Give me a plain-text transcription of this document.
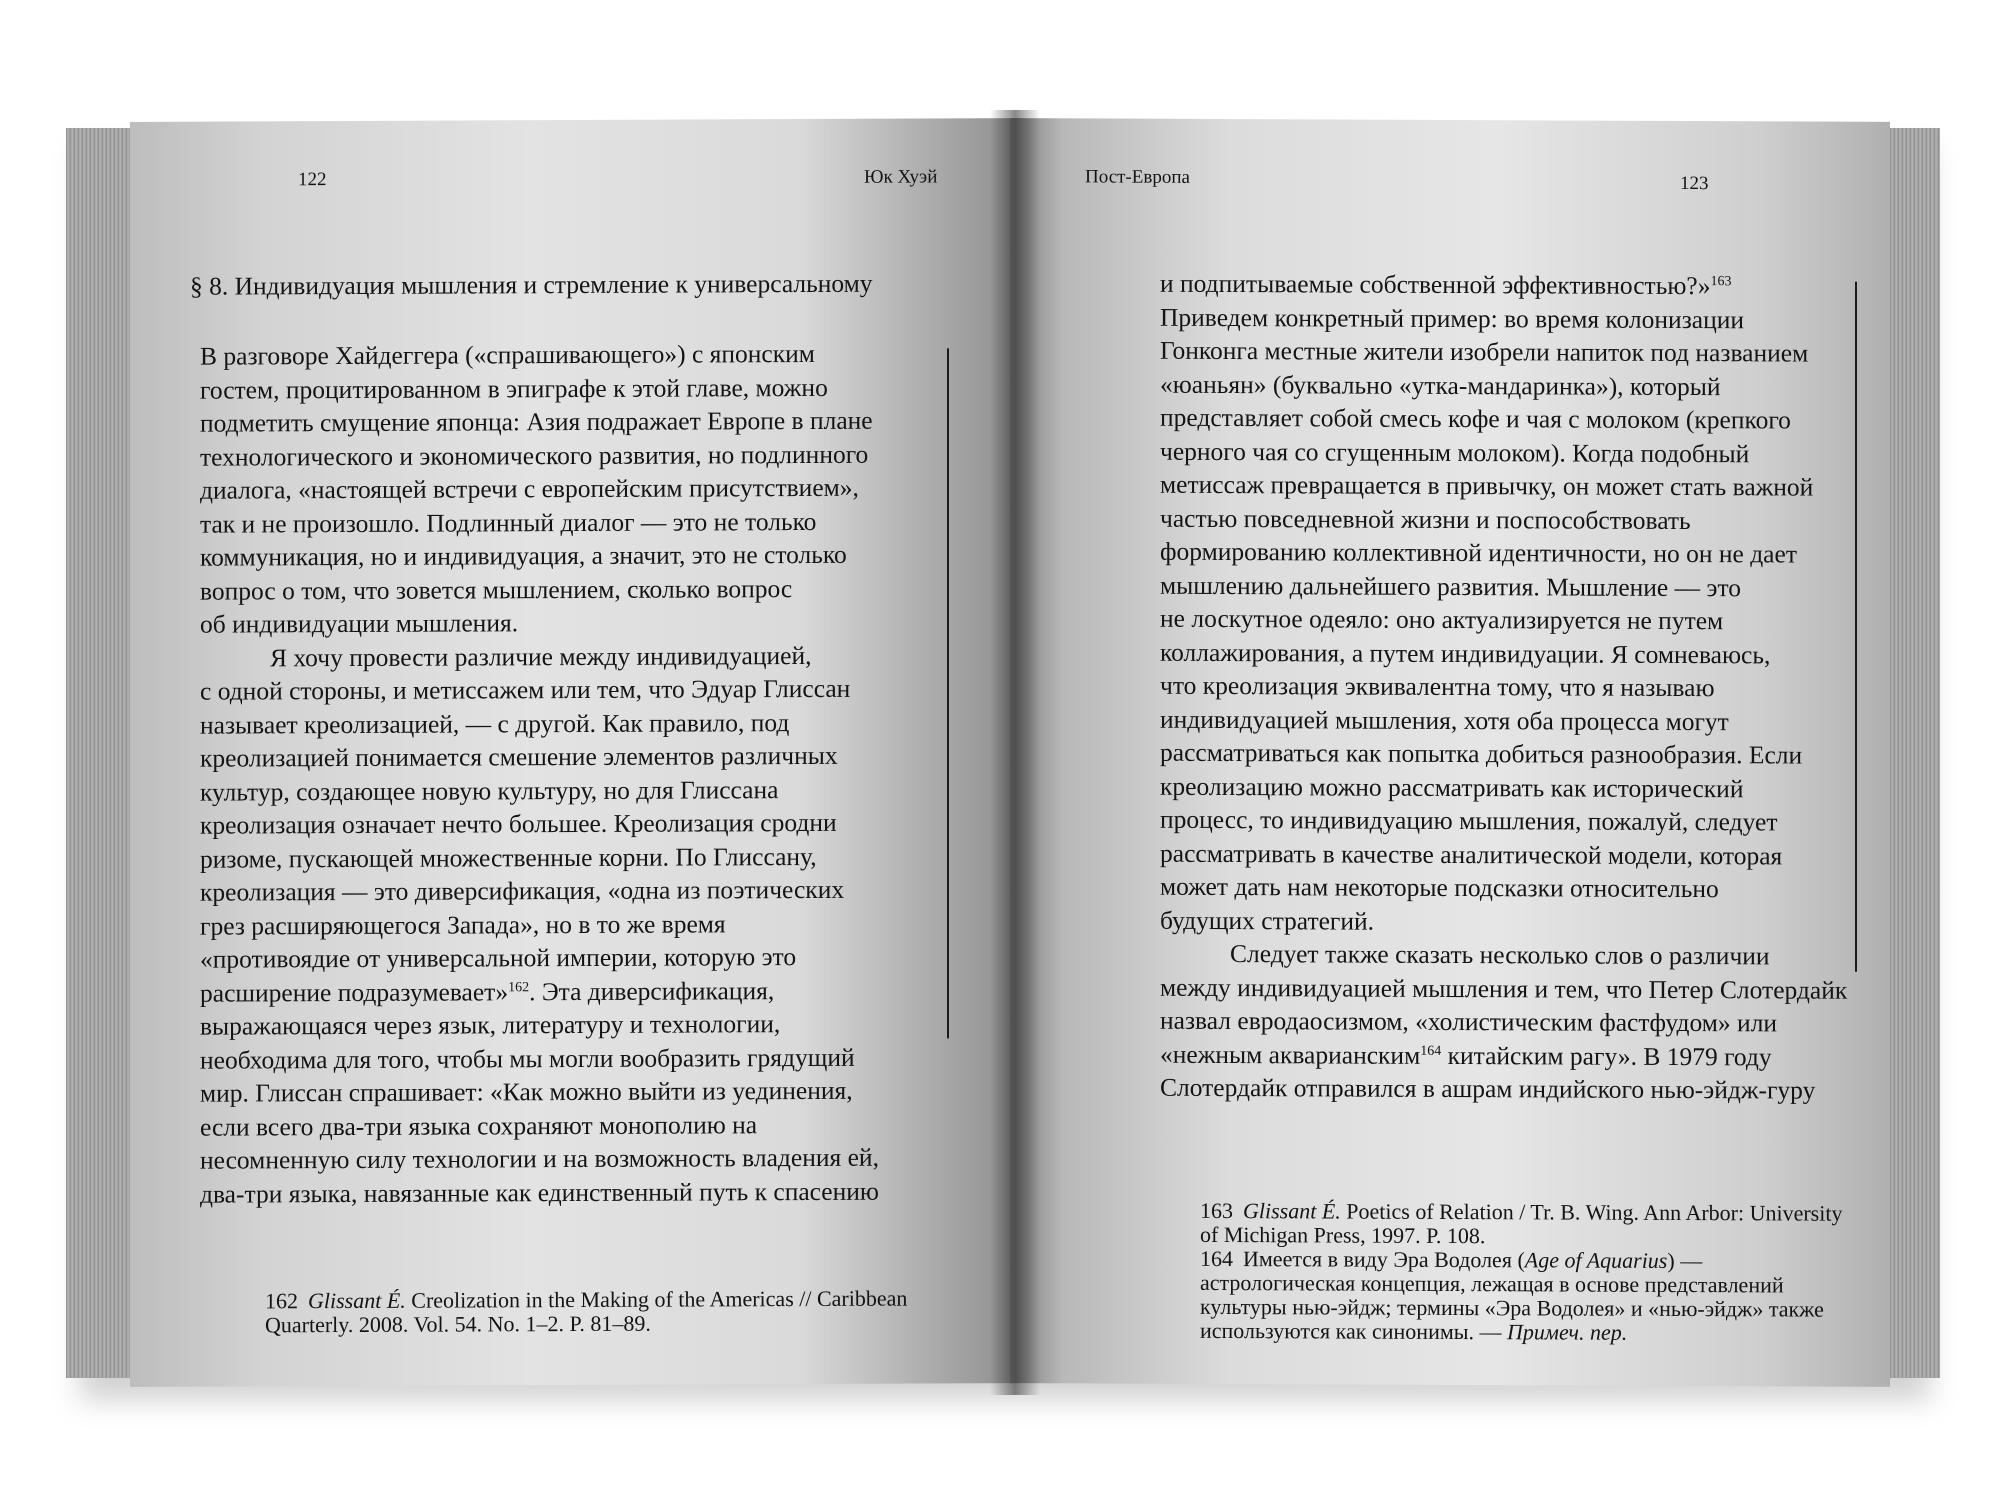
122	Юк Хуэй
§ 8. Индивидуация мышления и стремление к универсальному

В разговоре Хайдеггера («спрашивающего») с японским

гостем, процитированном в эпиграфе к этой главе, можно

подметить смущение японца: Азия подражает Европе в плане

технологического и экономического развития, но подлинного

диалога, «настоящей встречи с европейским присутствием»,

так и не произошло. Подлинный диалог — это не только

коммуникация, но и индивидуация, а значит, это не столько

вопрос о том, что зовется мышлением, сколько вопрос

об индивидуации мышления.

Я хочу провести различие между индивидуацией,

с одной стороны, и метиссажем или тем, что Эдуар Глиссан

называет креолизацией, — с другой. Как правило, под

креолизацией понимается смешение элементов различных

культур, создающее новую культуру, но для Глиссана

креолизация означает нечто большее. Креолизация сродни

ризоме, пускающей множественные корни. По Глиссану,

креолизация — это диверсификация, «одна из поэтических

грез расширяющегося Запада», но в то же время

«противоядие от универсальной империи, которую это

расширение подразумевает»$^{162}$. Эта диверсификация,

выражающаяся через язык, литературу и технологии,

необходима для того, чтобы мы могли вообразить грядущий

мир. Глиссан спрашивает: «Как можно выйти из уединения,

если всего два-три языка сохраняют монополию на

несомненную силу технологии и на возможность владения ей,

два-три языка, навязанные как единственный путь к спасению

162 Glissant É. Creolization in the Making of the Americas // Caribbean

Quarterly. 2008. Vol. 54. No. 1–2. P. 81–89.

Пост-Европа	123

и подпитываемые собственной эффективностью?»$^{163}$

Приведем конкретный пример: во время колонизации

Гонконга местные жители изобрели напиток под названием

«юаньян» (буквально «утка-мандаринка»), который

представляет собой смесь кофе и чая с молоком (крепкого

черного чая со сгущенным молоком). Когда подобный

метиссаж превращается в привычку, он может стать важной

частью повседневной жизни и поспособствовать

формированию коллективной идентичности, но он не дает

мышлению дальнейшего развития. Мышление — это

не лоскутное одеяло: оно актуализируется не путем

коллажирования, а путем индивидуации. Я сомневаюсь,

что креолизация эквивалентна тому, что я называю

индивидуацией мышления, хотя оба процесса могут

рассматриваться как попытка добиться разнообразия. Если

креолизацию можно рассматривать как исторический

процесс, то индивидуацию мышления, пожалуй, следует

рассматривать в качестве аналитической модели, которая

может дать нам некоторые подсказки относительно

будущих стратегий.

Следует также сказать несколько слов о различии

между индивидуацией мышления и тем, что Петер Слотердайк

назвал евродаосизмом, «холистическим фастфудом» или

«нежным акварианским$^{164}$ китайским рагу». В 1979 году

Слотердайк отправился в ашрам индийского нью-эйдж-гуру

163 Glissant É. Poetics of Relation / Tr. B. Wing. Ann Arbor: University

of Michigan Press, 1997. P. 108.

164 Имеется в виду Эра Водолея (Age of Aquarius) —

астрологическая концепция, лежащая в основе представлений

культуры нью-эйдж; термины «Эра Водолея» и «нью-эйдж» также

используются как синонимы. — Примеч. пер.
